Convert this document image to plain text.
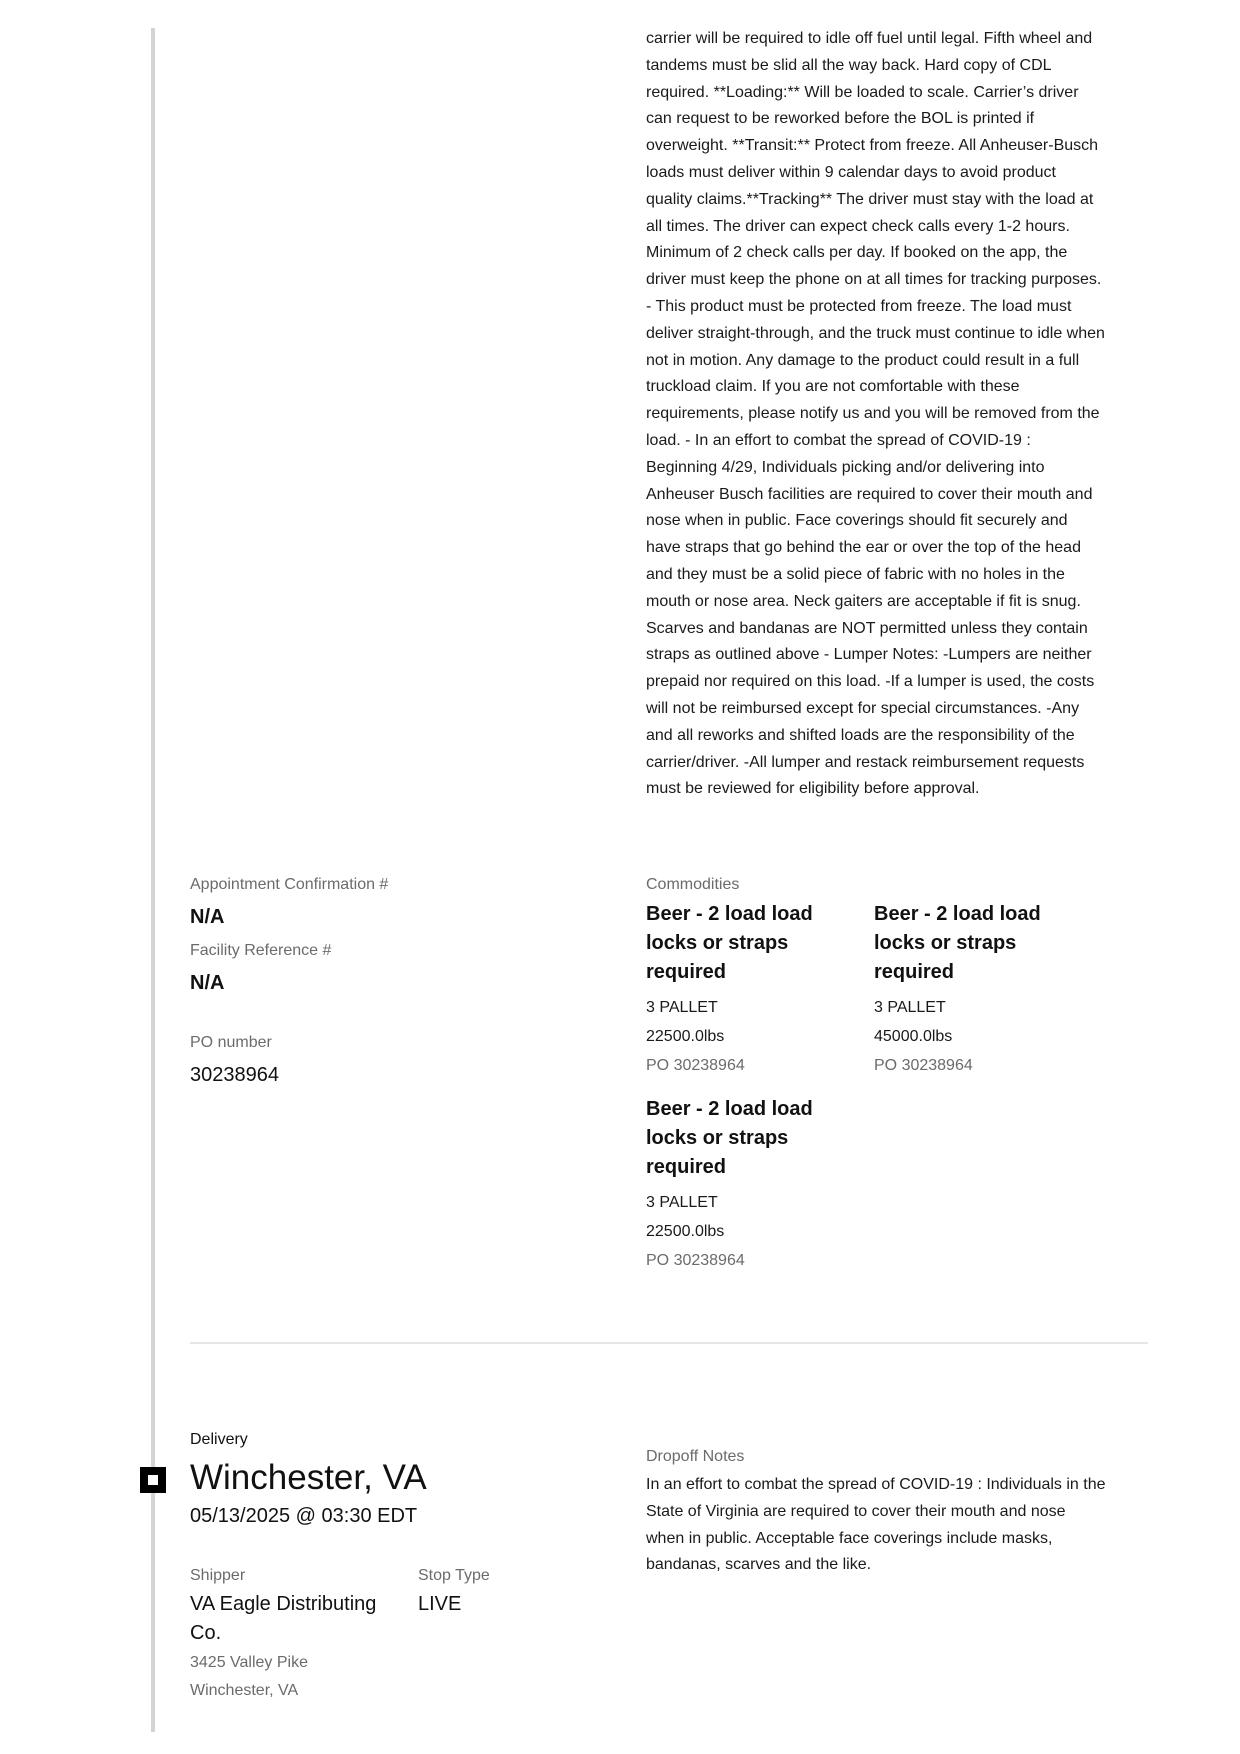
carrier will be required to idle off fuel until legal. Fifth wheel and tandems must be slid all the way back. Hard copy of CDL required. **Loading:** Will be loaded to scale. Carrier’s driver can request to be reworked before the BOL is printed if overweight. **Transit:** Protect from freeze. All Anheuser-Busch loads must deliver within 9 calendar days to avoid product quality claims.**Tracking** The driver must stay with the load at all times. The driver can expect check calls every 1-2 hours. Minimum of 2 check calls per day. If booked on the app, the driver must keep the phone on at all times for tracking purposes. - This product must be protected from freeze. The load must deliver straight-through, and the truck must continue to idle when not in motion. Any damage to the product could result in a full truckload claim. If you are not comfortable with these requirements, please notify us and you will be removed from the load. - In an effort to combat the spread of COVID-19 : Beginning 4/29, Individuals picking and/or delivering into Anheuser Busch facilities are required to cover their mouth and nose when in public. Face coverings should fit securely and have straps that go behind the ear or over the top of the head and they must be a solid piece of fabric with no holes in the mouth or nose area. Neck gaiters are acceptable if fit is snug. Scarves and bandanas are NOT permitted unless they contain straps as outlined above - Lumper Notes: -Lumpers are neither prepaid nor required on this load. -If a lumper is used, the costs will not be reimbursed except for special circumstances. -Any and all reworks and shifted loads are the responsibility of the carrier/driver. -All lumper and restack reimbursement requests must be reviewed for eligibility before approval.

Appointment Confirmation #

N/A

Facility Reference #

N/A

PO number

30238964

Commodities

Beer - 2 load load locks or straps required

3 PALLET

22500.0lbs

PO 30238964

Beer - 2 load load locks or straps required

3 PALLET

45000.0lbs

PO 30238964

Beer - 2 load load locks or straps required

3 PALLET

22500.0lbs

PO 30238964

Delivery

Winchester, VA

05/13/2025 @ 03:30 EDT

Dropoff Notes

In an effort to combat the spread of COVID-19 : Individuals in the State of Virginia are required to cover their mouth and nose when in public. Acceptable face coverings include masks, bandanas, scarves and the like.

Shipper

VA Eagle Distributing Co.

3425 Valley Pike

Winchester, VA

Stop Type

LIVE
